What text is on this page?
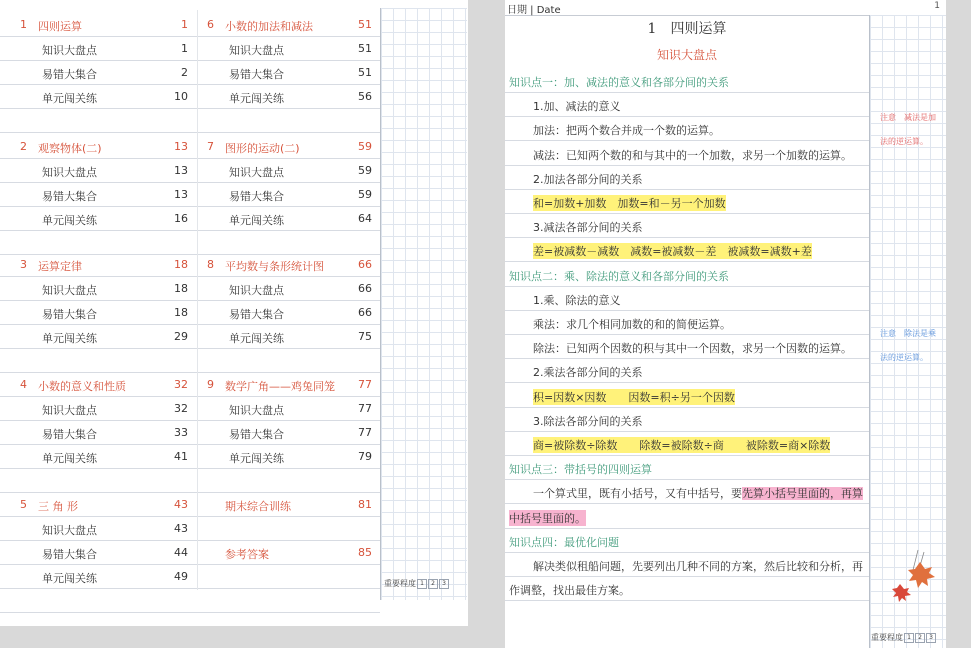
1 四则运算	1
知识大盘点	1
易错大集合	2
单元闯关练	10
2 观察物体(二)	13
知识大盘点	13
易错大集合	13
单元闯关练	16
3 运算定律	18
知识大盘点	18
易错大集合	18
单元闯关练	29
4 小数的意义和性质	32
知识大盘点	32
易错大集合	33
单元闯关练	41
5 三 角 形	43
知识大盘点	43
易错大集合	44
单元闯关练	49
6 小数的加法和减法	51
知识大盘点	51
易错大集合	51
单元闯关练	56
7 图形的运动(二)	59
知识大盘点	59
易错大集合	59
单元闯关练	64
8 平均数与条形统计图	66
知识大盘点	66
易错大集合	66
单元闯关练	75
9 数学广角——鸡兔同笼	77
知识大盘点	77
易错大集合	77
单元闯关练	79
期末综合训练	81
参考答案	85
重要程度 1 2 3
日期 | Date	1
1　 四则运算
知识大盘点
知识点一：加、减法的意义和各部分间的关系
1.加、减法的意义
加法：把两个数合并成一个数的运算。
减法：已知两个数的和与其中的一个加数，求另一个加数的运算。
2.加法各部分间的关系
和=加数+加数　加数=和－另一个加数
3.减法各部分间的关系
差=被减数－减数　减数=被减数－差　被减数=减数+差
知识点二：乘、除法的意义和各部分间的关系
1.乘、除法的意义
乘法：求几个相同加数的和的简便运算。
除法：已知两个因数的积与其中一个因数，求另一个因数的运算。
2.乘法各部分间的关系
积=因数×因数　　因数=积÷另一个因数
3.除法各部分间的关系
商=被除数÷除数　　除数=被除数÷商　　被除数=商×除数
知识点三：带括号的四则运算
一个算式里，既有小括号，又有中括号，要先算小括号里面的，再算
中括号里面的。
知识点四：最优化问题
解决类似租船问题，先要列出几种不同的方案，然后比较和分析，再
作调整，找出最佳方案。
注意　减法是加
法的逆运算。
注意　除法是乘
法的逆运算。
重要程度 1 2 3
